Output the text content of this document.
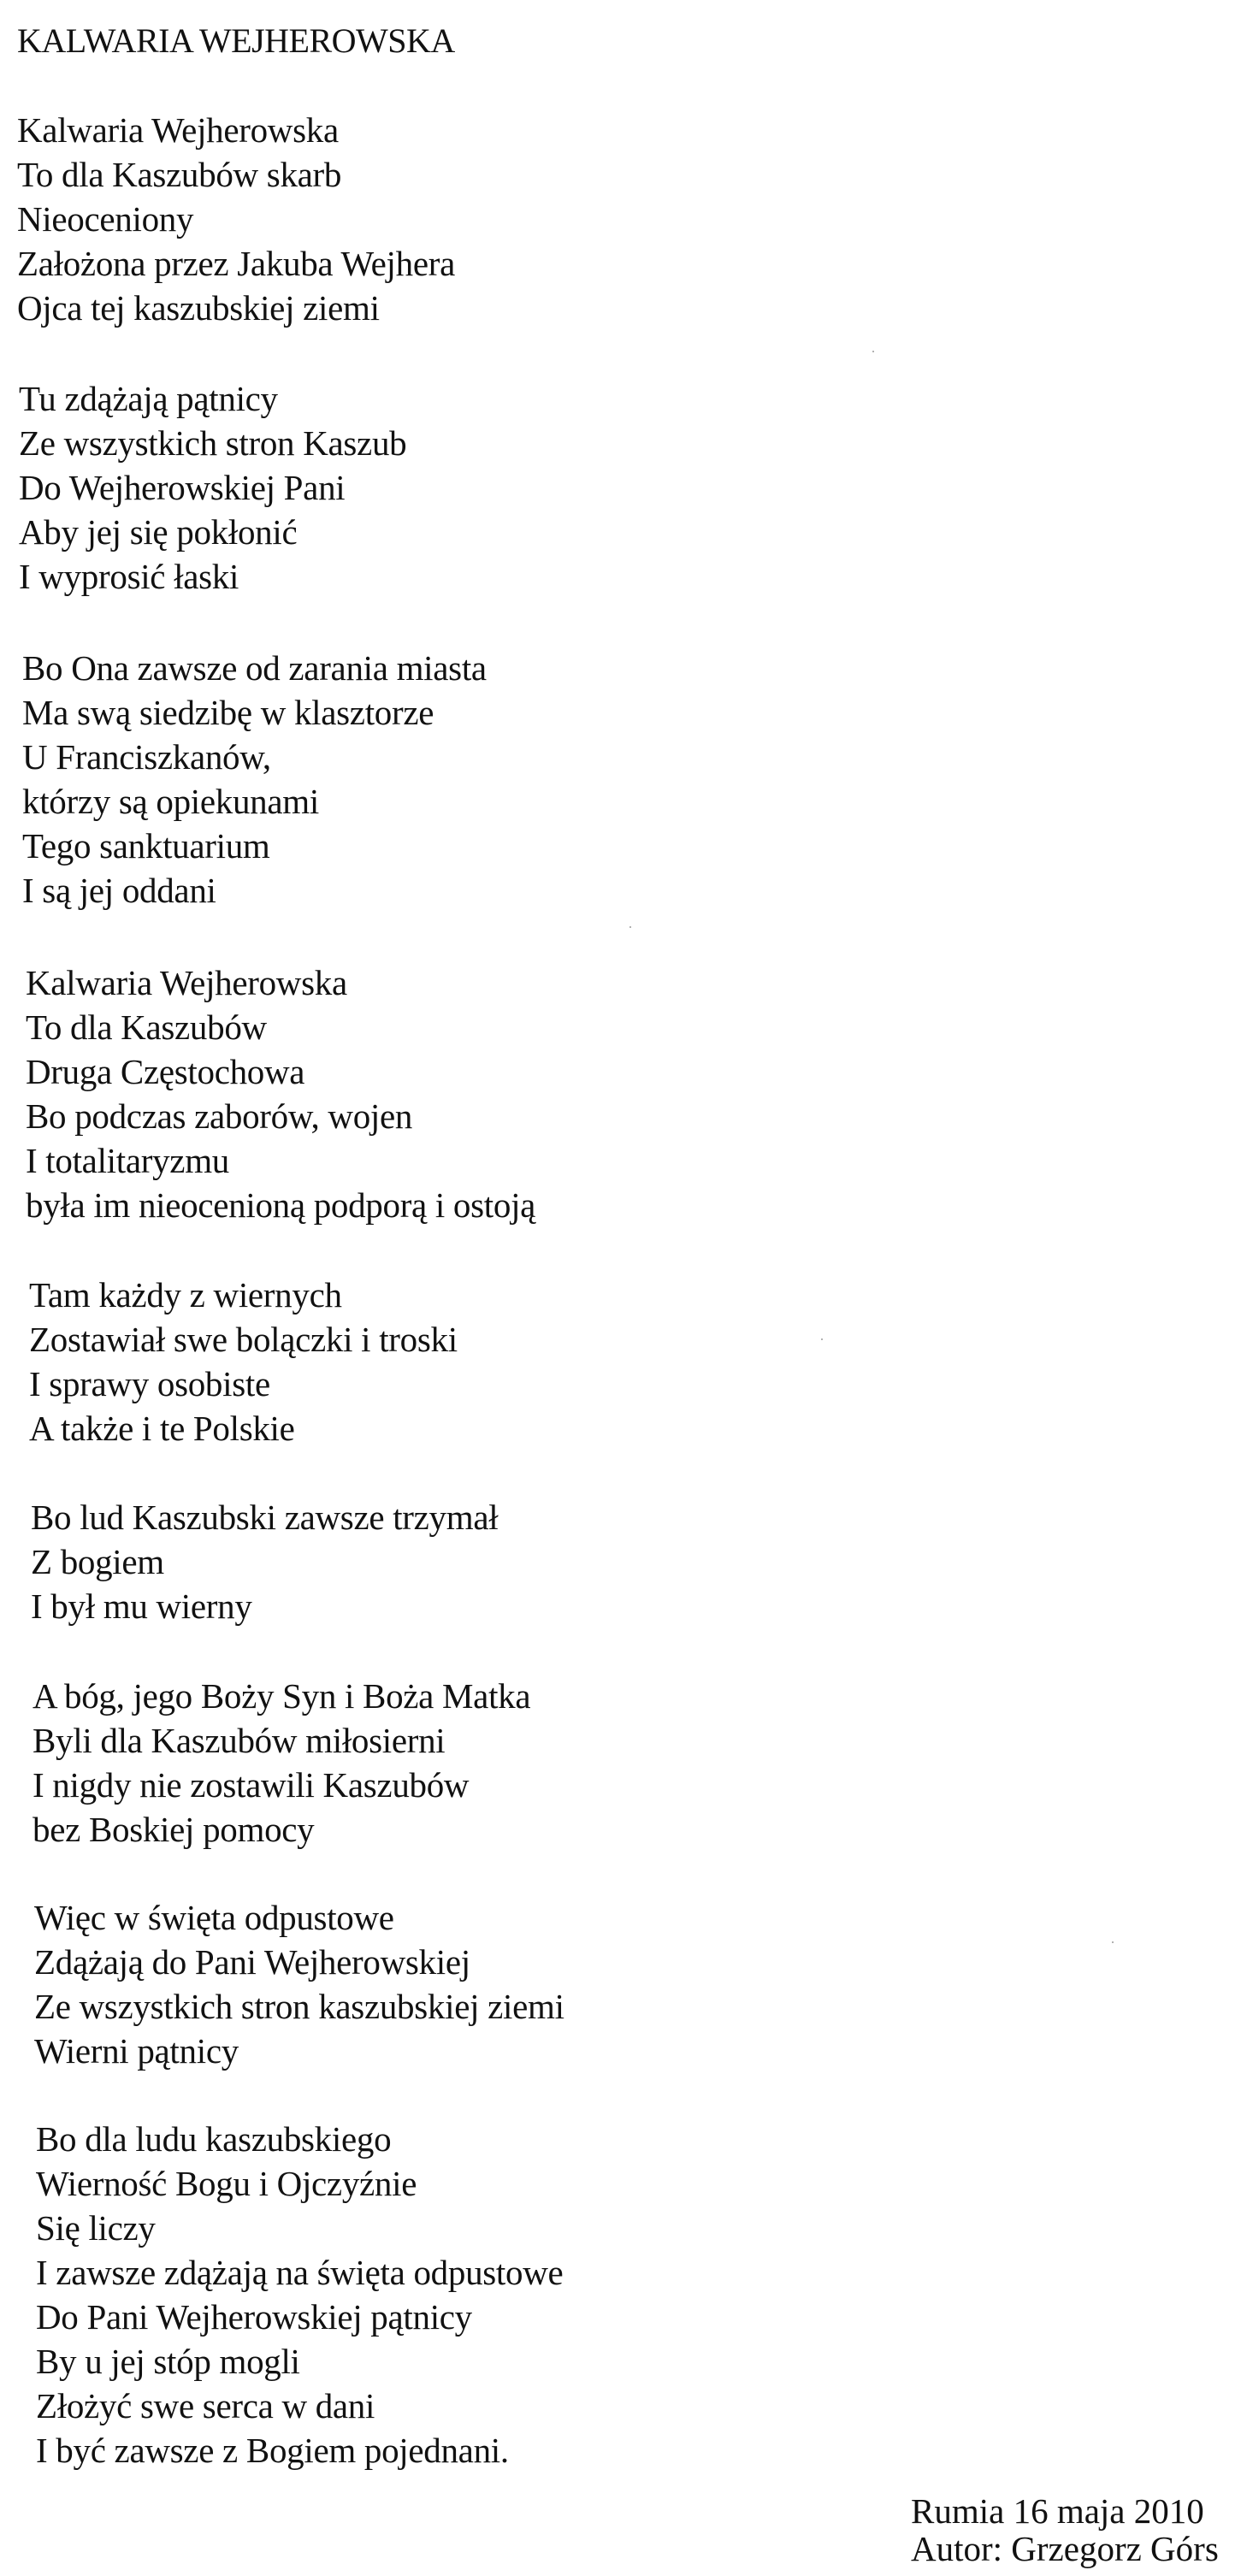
KALWARIA WEJHEROWSKA
Kalwaria Wejherowska
To dla Kaszubów skarb
Nieoceniony
Założona przez Jakuba Wejhera
Ojca tej kaszubskiej ziemi
Tu zdążają pątnicy
Ze wszystkich stron Kaszub
Do Wejherowskiej Pani
Aby jej się pokłonić
I wyprosić łaski
Bo Ona zawsze od zarania miasta
Ma swą siedzibę w klasztorze
U Franciszkanów,
którzy są opiekunami
Tego sanktuarium
I są jej oddani
Kalwaria Wejherowska
To dla Kaszubów
Druga Częstochowa
Bo podczas zaborów, wojen
I totalitaryzmu
była im nieocenioną podporą i ostoją
Tam każdy z wiernych
Zostawiał swe bolączki i troski
I sprawy osobiste
A także i te Polskie
Bo lud Kaszubski zawsze trzymał
Z bogiem
I był mu wierny
A bóg, jego Boży Syn i Boża Matka
Byli dla Kaszubów miłosierni
I nigdy nie zostawili Kaszubów
bez Boskiej pomocy
Więc w święta odpustowe
Zdążają do Pani Wejherowskiej
Ze wszystkich stron kaszubskiej ziemi
Wierni pątnicy
Bo dla ludu kaszubskiego
Wierność Bogu i Ojczyźnie
Się liczy
I zawsze zdążają na święta odpustowe
Do Pani Wejherowskiej pątnicy
By u jej stóp mogli
Złożyć swe serca w dani
I być zawsze z Bogiem pojednani.
Rumia 16 maja 2010
Autor: Grzegorz Górs
